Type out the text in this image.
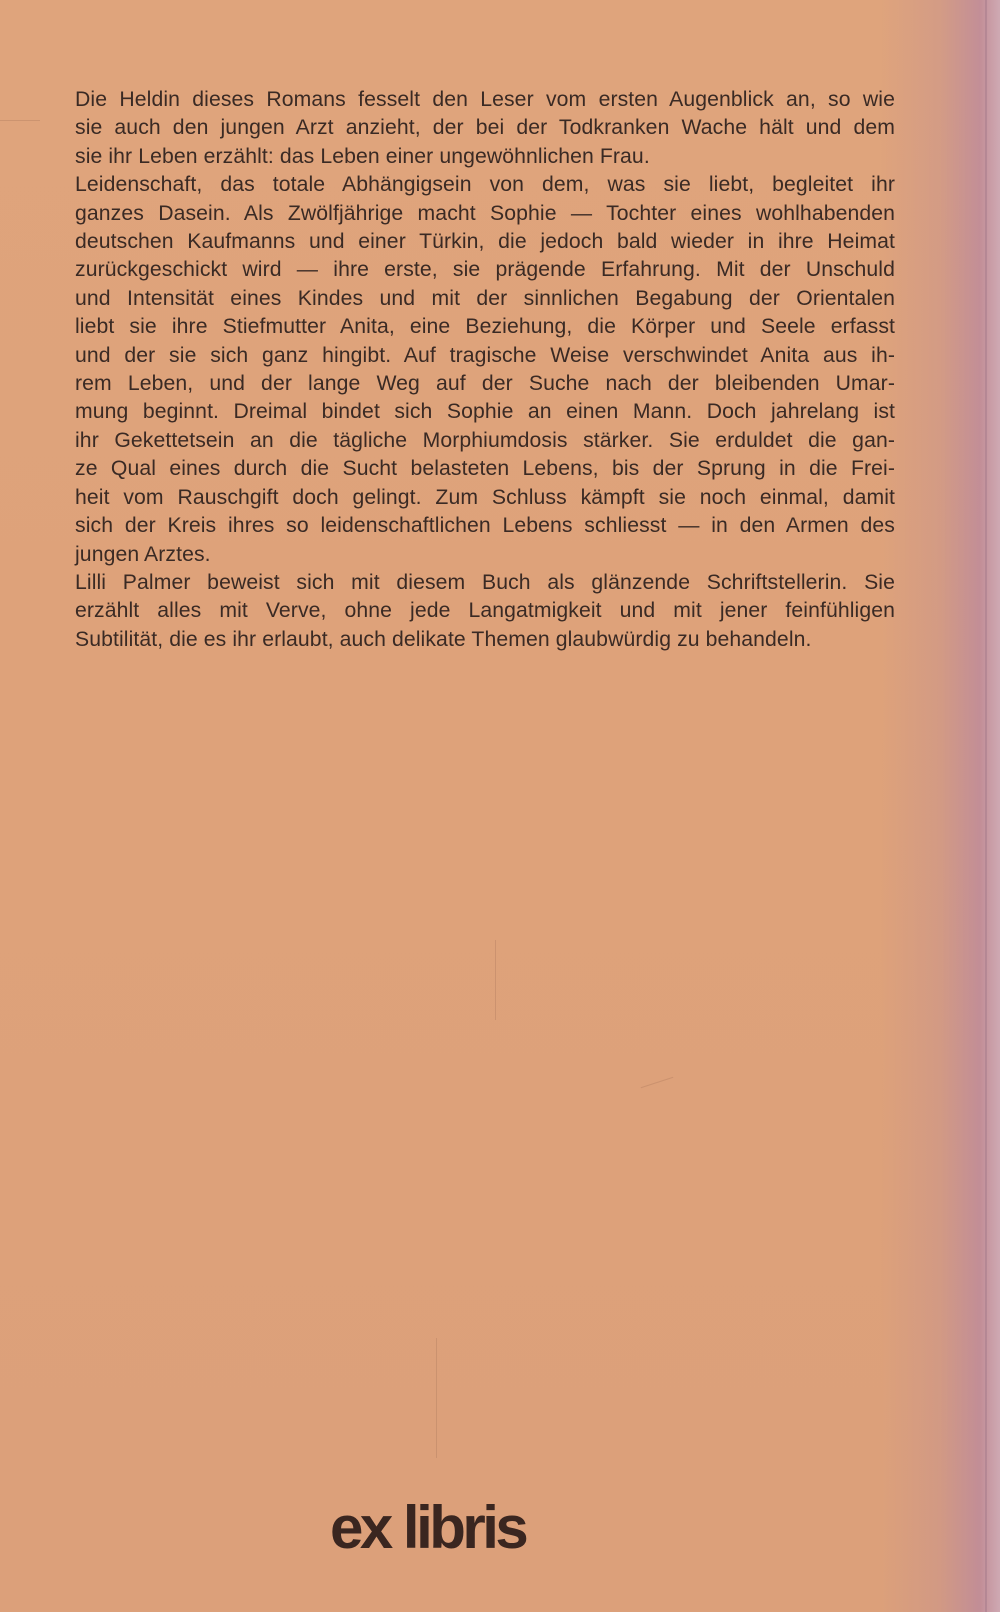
Die Heldin dieses Romans fesselt den Leser vom ersten Augenblick an, so wie
sie auch den jungen Arzt anzieht, der bei der Todkranken Wache hält und dem
sie ihr Leben erzählt: das Leben einer ungewöhnlichen Frau.
Leidenschaft, das totale Abhängigsein von dem, was sie liebt, begleitet ihr
ganzes Dasein. Als Zwölfjährige macht Sophie — Tochter eines wohlhabenden
deutschen Kaufmanns und einer Türkin, die jedoch bald wieder in ihre Heimat
zurückgeschickt wird — ihre erste, sie prägende Erfahrung. Mit der Unschuld
und Intensität eines Kindes und mit der sinnlichen Begabung der Orientalen
liebt sie ihre Stiefmutter Anita, eine Beziehung, die Körper und Seele erfasst
und der sie sich ganz hingibt. Auf tragische Weise verschwindet Anita aus ih-
rem Leben, und der lange Weg auf der Suche nach der bleibenden Umar-
mung beginnt. Dreimal bindet sich Sophie an einen Mann. Doch jahrelang ist
ihr Gekettetsein an die tägliche Morphiumdosis stärker. Sie erduldet die gan-
ze Qual eines durch die Sucht belasteten Lebens, bis der Sprung in die Frei-
heit vom Rauschgift doch gelingt. Zum Schluss kämpft sie noch einmal, damit
sich der Kreis ihres so leidenschaftlichen Lebens schliesst — in den Armen des
jungen Arztes.
Lilli Palmer beweist sich mit diesem Buch als glänzende Schriftstellerin. Sie
erzählt alles mit Verve, ohne jede Langatmigkeit und mit jener feinfühligen
Subtilität, die es ihr erlaubt, auch delikate Themen glaubwürdig zu behandeln.
ex libris
